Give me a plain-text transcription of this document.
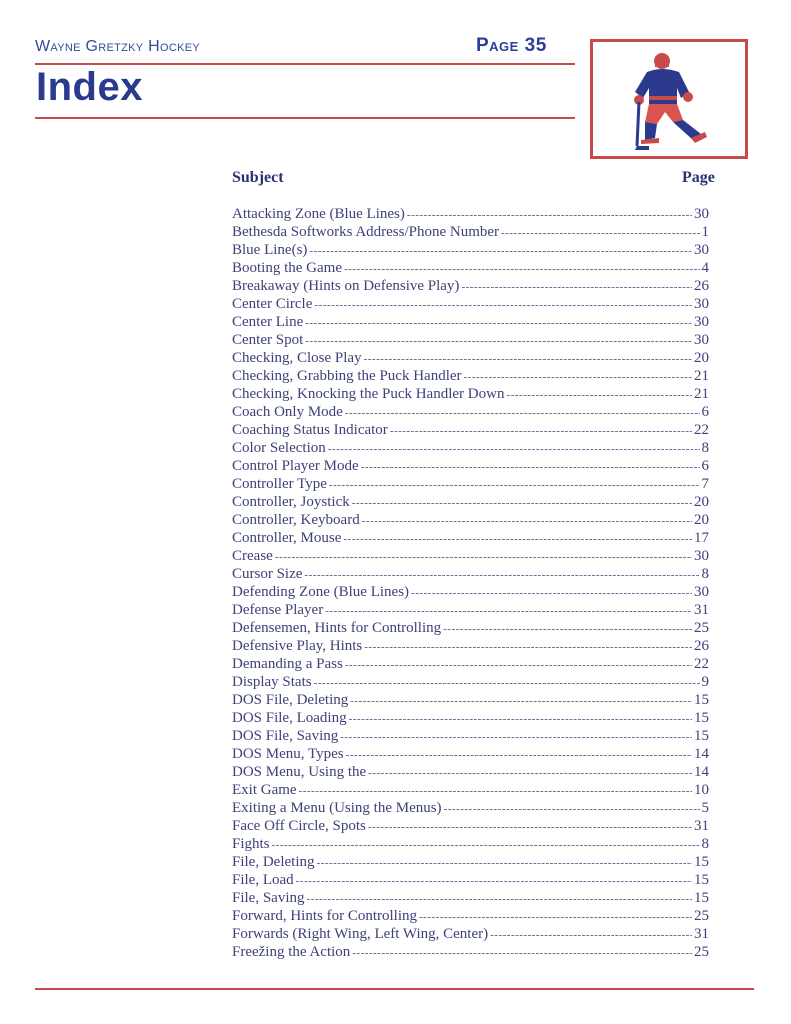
Wayne Gretzky Hockey	Page 35
Index
Subject	Page
Attacking Zone (Blue Lines) -----	30
Bethesda Softworks Address/Phone Number -----	1
Blue Line(s) -----	30
Booting the Game -----	4
Breakaway (Hints on Defensive Play) -----	26
Center Circle -----	30
Center Line -----	30
Center Spot -----	30
Checking, Close Play -----	20
Checking, Grabbing the Puck Handler -----	21
Checking, Knocking the Puck Handler Down -----	21
Coach Only Mode -----	6
Coaching Status Indicator -----	22
Color Selection -----	8
Control Player Mode -----	6
Controller Type -----	7
Controller, Joystick -----	20
Controller, Keyboard -----	20
Controller, Mouse -----	17
Crease -----	30
Cursor Size -----	8
Defending Zone (Blue Lines) -----	30
Defense Player -----	31
Defensemen, Hints for Controlling -----	25
Defensive Play, Hints -----	26
Demanding a Pass -----	22
Display Stats -----	9
DOS File, Deleting -----	15
DOS File, Loading -----	15
DOS File, Saving -----	15
DOS Menu, Types -----	14
DOS Menu, Using the -----	14
Exit Game -----	10
Exiting a Menu (Using the Menus) -----	5
Face Off Circle, Spots -----	31
Fights -----	8
File, Deleting -----	15
File, Load -----	15
File, Saving -----	15
Forward, Hints for Controlling -----	25
Forwards (Right Wing, Left Wing, Center) -----	31
Freežing the Action -----	25
